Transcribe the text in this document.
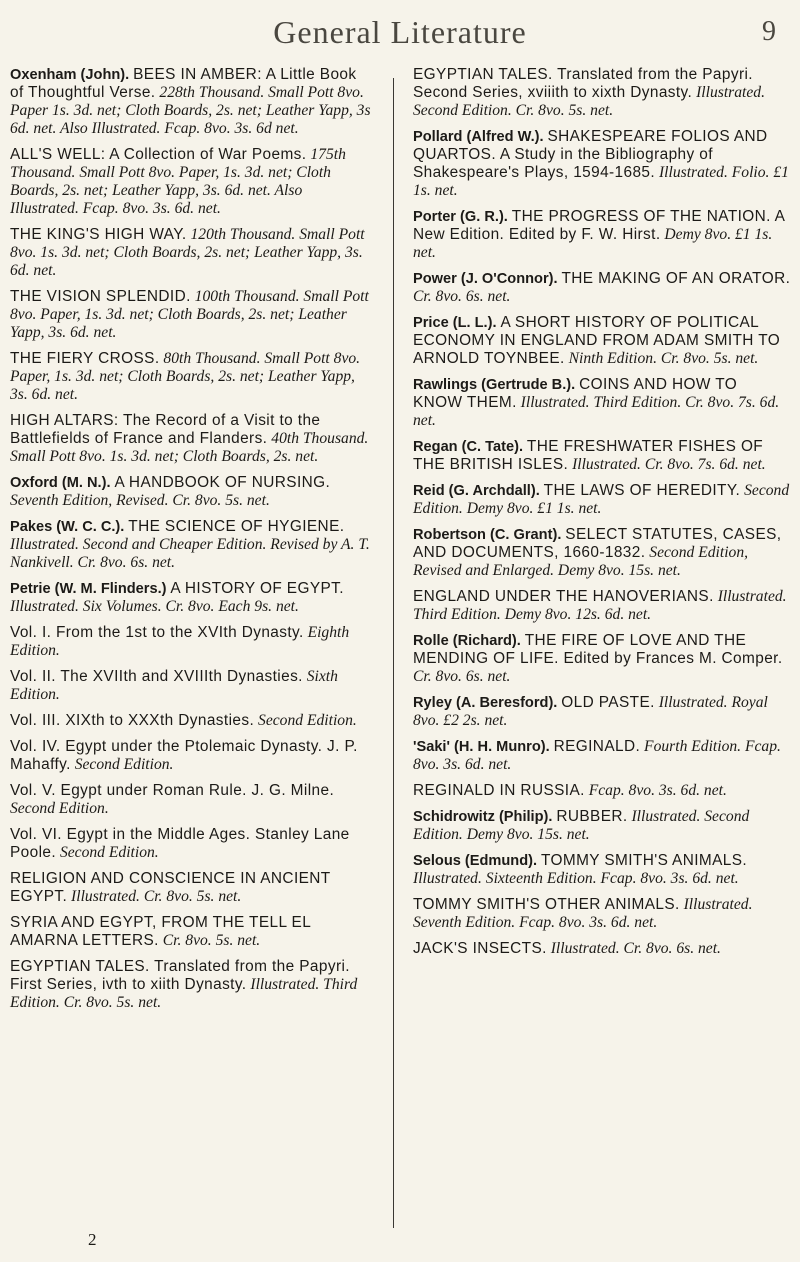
General Literature	9
Oxenham (John). BEES IN AMBER: A Little Book of Thoughtful Verse. 228th Thousand. Small Pott 8vo. Paper 1s. 3d. net; Cloth Boards, 2s. net; Leather Yapp, 3s 6d. net. Also Illustrated. Fcap. 8vo. 3s. 6d net.
ALL'S WELL: A Collection of War Poems. 175th Thousand. Small Pott 8vo. Paper, 1s. 3d. net; Cloth Boards, 2s. net; Leather Yapp, 3s. 6d. net. Also Illustrated. Fcap. 8vo. 3s. 6d. net.
THE KING'S HIGH WAY. 120th Thousand. Small Pott 8vo. 1s. 3d. net; Cloth Boards, 2s. net; Leather Yapp, 3s. 6d. net.
THE VISION SPLENDID. 100th Thousand. Small Pott 8vo. Paper, 1s. 3d. net; Cloth Boards, 2s. net; Leather Yapp, 3s. 6d. net.
THE FIERY CROSS. 80th Thousand. Small Pott 8vo. Paper, 1s. 3d. net; Cloth Boards, 2s. net; Leather Yapp, 3s. 6d. net.
HIGH ALTARS: The Record of a Visit to the Battlefields of France and Flanders. 40th Thousand. Small Pott 8vo. 1s. 3d. net; Cloth Boards, 2s. net.
Oxford (M. N.). A HANDBOOK OF NURSING. Seventh Edition, Revised. Cr. 8vo. 5s. net.
Pakes (W. C. C.). THE SCIENCE OF HYGIENE. Illustrated. Second and Cheaper Edition. Revised by A. T. Nankivell. Cr. 8vo. 6s. net.
Petrie (W. M. Flinders.) A HISTORY OF EGYPT. Illustrated. Six Volumes. Cr. 8vo. Each 9s. net.
Vol. I. From the 1st to the XVIth Dynasty. Eighth Edition.
Vol. II. The XVIIth and XVIIIth Dynasties. Sixth Edition.
Vol. III. XIXth to XXXth Dynasties. Second Edition.
Vol. IV. Egypt under the Ptolemaic Dynasty. J. P. Mahaffy. Second Edition.
Vol. V. Egypt under Roman Rule. J. G. Milne. Second Edition.
Vol. VI. Egypt in the Middle Ages. Stanley Lane Poole. Second Edition.
RELIGION AND CONSCIENCE IN ANCIENT EGYPT. Illustrated. Cr. 8vo. 5s. net.
SYRIA AND EGYPT, FROM THE TELL EL AMARNA LETTERS. Cr. 8vo. 5s. net.
EGYPTIAN TALES. Translated from the Papyri. First Series, ivth to xiith Dynasty. Illustrated. Third Edition. Cr. 8vo. 5s. net.
EGYPTIAN TALES. Translated from the Papyri. Second Series, xviiith to xixth Dynasty. Illustrated. Second Edition. Cr. 8vo. 5s. net.
Pollard (Alfred W.). SHAKESPEARE FOLIOS AND QUARTOS. A Study in the Bibliography of Shakespeare's Plays, 1594-1685. Illustrated. Folio. £1 1s. net.
Porter (G. R.). THE PROGRESS OF THE NATION. A New Edition. Edited by F. W. Hirst. Demy 8vo. £1 1s. net.
Power (J. O'Connor). THE MAKING OF AN ORATOR. Cr. 8vo. 6s. net.
Price (L. L.). A SHORT HISTORY OF POLITICAL ECONOMY IN ENGLAND FROM ADAM SMITH TO ARNOLD TOYNBEE. Ninth Edition. Cr. 8vo. 5s. net.
Rawlings (Gertrude B.). COINS AND HOW TO KNOW THEM. Illustrated. Third Edition. Cr. 8vo. 7s. 6d. net.
Regan (C. Tate). THE FRESHWATER FISHES OF THE BRITISH ISLES. Illustrated. Cr. 8vo. 7s. 6d. net.
Reid (G. Archdall). THE LAWS OF HEREDITY. Second Edition. Demy 8vo. £1 1s. net.
Robertson (C. Grant). SELECT STATUTES, CASES, AND DOCUMENTS, 1660-1832. Second Edition, Revised and Enlarged. Demy 8vo. 15s. net.
ENGLAND UNDER THE HANOVERIANS. Illustrated. Third Edition. Demy 8vo. 12s. 6d. net.
Rolle (Richard). THE FIRE OF LOVE AND THE MENDING OF LIFE. Edited by Frances M. Comper. Cr. 8vo. 6s. net.
Ryley (A. Beresford). OLD PASTE. Illustrated. Royal 8vo. £2 2s. net.
'Saki' (H. H. Munro). REGINALD. Fourth Edition. Fcap. 8vo. 3s. 6d. net.
REGINALD IN RUSSIA. Fcap. 8vo. 3s. 6d. net.
Schidrowitz (Philip). RUBBER. Illustrated. Second Edition. Demy 8vo. 15s. net.
Selous (Edmund). TOMMY SMITH'S ANIMALS. Illustrated. Sixteenth Edition. Fcap. 8vo. 3s. 6d. net.
TOMMY SMITH'S OTHER ANIMALS. Illustrated. Seventh Edition. Fcap. 8vo. 3s. 6d. net.
JACK'S INSECTS. Illustrated. Cr. 8vo. 6s. net.
2
